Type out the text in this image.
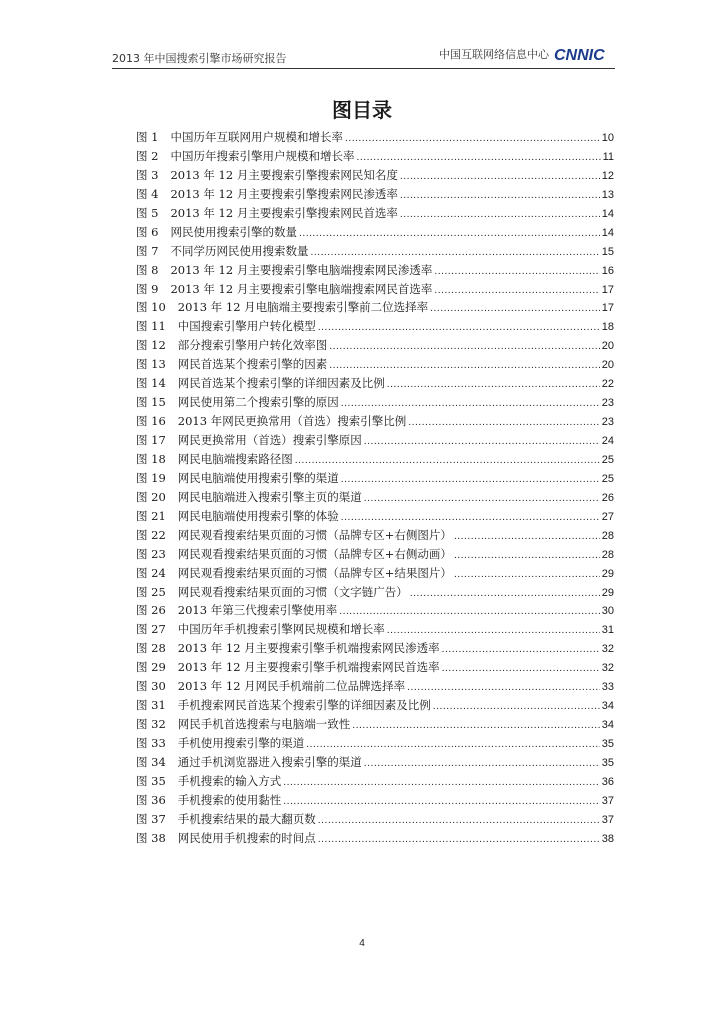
2013 年中国搜索引擎市场研究报告	中国互联网络信息中心 CNNIC
图目录
图 1 中国历年互联网用户规模和增长率 .....	10
图 2 中国历年搜索引擎用户规模和增长率 .....	11
图 3 2013 年 12 月主要搜索引擎搜索网民知名度 .....	12
图 4 2013 年 12 月主要搜索引擎搜索网民渗透率 .....	13
图 5 2013 年 12 月主要搜索引擎搜索网民首选率 .....	14
图 6 网民使用搜索引擎的数量 .....	14
图 7 不同学历网民使用搜索数量 .....	15
图 8 2013 年 12 月主要搜索引擎电脑端搜索网民渗透率 .....	16
图 9 2013 年 12 月主要搜索引擎电脑端搜索网民首选率 .....	17
图 10 2013 年 12 月电脑端主要搜索引擎前二位选择率 .....	17
图 11 中国搜索引擎用户转化模型 .....	18
图 12 部分搜索引擎用户转化效率图 .....	20
图 13 网民首选某个搜索引擎的因素 .....	20
图 14 网民首选某个搜索引擎的详细因素及比例 .....	22
图 15 网民使用第二个搜索引擎的原因 .....	23
图 16 2013 年网民更换常用（首选）搜索引擎比例 .....	23
图 17 网民更换常用（首选）搜索引擎原因 .....	24
图 18 网民电脑端搜索路径图 .....	25
图 19 网民电脑端使用搜索引擎的渠道 .....	25
图 20 网民电脑端进入搜索引擎主页的渠道 .....	26
图 21 网民电脑端使用搜索引擎的体验 .....	27
图 22 网民观看搜索结果页面的习惯（品牌专区+右侧图片） .....	28
图 23 网民观看搜索结果页面的习惯（品牌专区+右侧动画） .....	28
图 24 网民观看搜索结果页面的习惯（品牌专区+结果图片） .....	29
图 25 网民观看搜索结果页面的习惯（文字链广告） .....	29
图 26 2013 年第三代搜索引擎使用率 .....	30
图 27 中国历年手机搜索引擎网民规模和增长率 .....	31
图 28 2013 年 12 月主要搜索引擎手机端搜索网民渗透率 .....	32
图 29 2013 年 12 月主要搜索引擎手机端搜索网民首选率 .....	32
图 30 2013 年 12 月网民手机端前二位品牌选择率 .....	33
图 31 手机搜索网民首选某个搜索引擎的详细因素及比例 .....	34
图 32 网民手机首选搜索与电脑端一致性 .....	34
图 33 手机使用搜索引擎的渠道 .....	35
图 34 通过手机浏览器进入搜索引擎的渠道 .....	35
图 35 手机搜索的输入方式 .....	36
图 36 手机搜索的使用黏性 .....	37
图 37 手机搜索结果的最大翻页数 .....	37
图 38 网民使用手机搜索的时间点 .....	38
4
